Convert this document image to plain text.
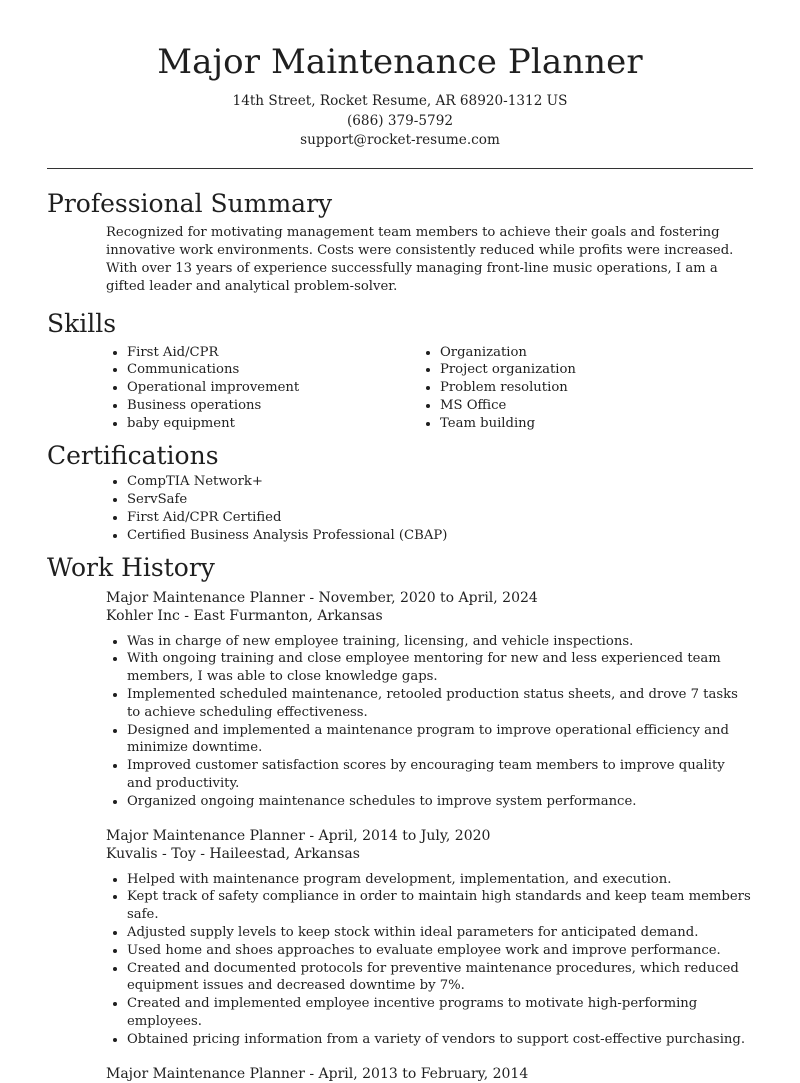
Major Maintenance Planner
14th Street, Rocket Resume, AR 68920-1312 US
(686) 379-5792
support@rocket-resume.com
Professional Summary

Recognized for motivating management team members to achieve their goals and fostering innovative work environments. Costs were consistently reduced while profits were increased. With over 13 years of experience successfully managing front-line music operations, I am a gifted leader and analytical problem-solver.

Skills
• First Aid/CPR
• Communications
• Operational improvement
• Business operations
• baby equipment
• Organization
• Project organization
• Problem resolution
• MS Office
• Team building
Certifications
• CompTIA Network+
• ServSafe
• First Aid/CPR Certified
• Certified Business Analysis Professional (CBAP)
Work History
Major Maintenance Planner - November, 2020 to April, 2024
Kohler Inc - East Furmanton, Arkansas
• Was in charge of new employee training, licensing, and vehicle inspections.
• With ongoing training and close employee mentoring for new and less experienced team members, I was able to close knowledge gaps.
• Implemented scheduled maintenance, retooled production status sheets, and drove 7 tasks to achieve scheduling effectiveness.
• Designed and implemented a maintenance program to improve operational efficiency and minimize downtime.
• Improved customer satisfaction scores by encouraging team members to improve quality and productivity.
• Organized ongoing maintenance schedules to improve system performance.
Major Maintenance Planner - April, 2014 to July, 2020
Kuvalis - Toy - Haileestad, Arkansas
• Helped with maintenance program development, implementation, and execution.
• Kept track of safety compliance in order to maintain high standards and keep team members safe.
• Adjusted supply levels to keep stock within ideal parameters for anticipated demand.
• Used home and shoes approaches to evaluate employee work and improve performance.
• Created and documented protocols for preventive maintenance procedures, which reduced equipment issues and decreased downtime by 7%.
• Created and implemented employee incentive programs to motivate high-performing employees.
• Obtained pricing information from a variety of vendors to support cost-effective purchasing.
Major Maintenance Planner - April, 2013 to February, 2014
